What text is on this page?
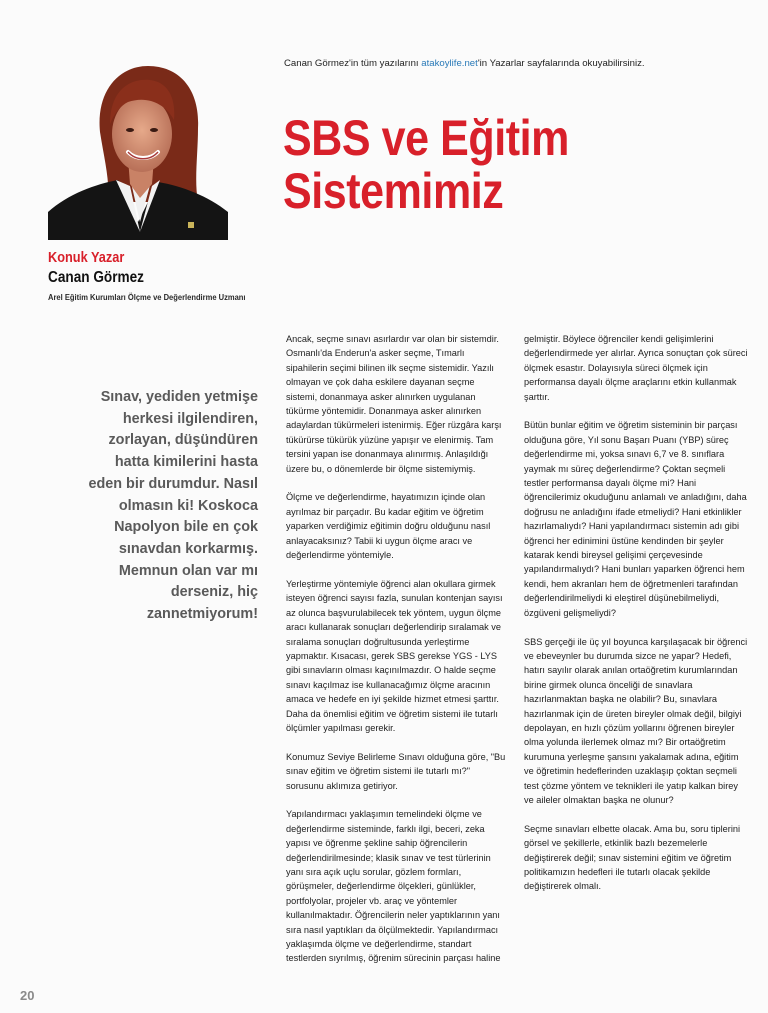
Canan Görmez'in tüm yazılarını atakoylife.net'in Yazarlar sayfalarında okuyabilirsiniz.
SBS ve Eğitim
Sistemimiz
Konuk Yazar
Canan Görmez
Arel Eğitim Kurumları Ölçme ve Değerlendirme Uzmanı
Sınav, yediden yetmişe
herkesi ilgilendiren,
zorlayan, düşündüren
hatta kimilerini hasta
eden bir durumdur. Nasıl
olmasın ki! Koskoca
Napolyon bile en çok
sınavdan korkarmış.
Memnun olan var mı
derseniz, hiç
zannetmiyorum!

Ancak, seçme sınavı asırlardır var olan bir sistemdir. Osmanlı'da Enderun'a asker seçme, Tımarlı sipahilerin seçimi bilinen ilk seçme sistemidir. Yazılı olmayan ve çok daha eskilere dayanan seçme sistemi, donanmaya asker alınırken uygulanan tükürme yöntemidir. Donanmaya asker alınırken adaylardan tükürmeleri istenirmiş. Eğer rüzgâra karşı tükürürse tükürük yüzüne yapışır ve elenirmiş. Tam tersini yapan ise donanmaya alınırmış. Anlaşıldığı üzere bu, o dönemlerde bir ölçme sistemiymiş.

Ölçme ve değerlendirme, hayatımızın içinde olan ayrılmaz bir parçadır. Bu kadar eğitim ve öğretim yaparken verdiğimiz eğitimin doğru olduğunu nasıl anlayacaksınız? Tabii ki uygun ölçme aracı ve değerlendirme yöntemiyle.

Yerleştirme yöntemiyle öğrenci alan okullara girmek isteyen öğrenci sayısı fazla, sunulan kontenjan sayısı az olunca başvurulabilecek tek yöntem, uygun ölçme aracı kullanarak sonuçları değerlendirip sıralamak ve sıralama sonuçları doğrultusunda yerleştirme yapmaktır. Kısacası, gerek SBS gerekse YGS - LYS gibi sınavların olması kaçınılmazdır. O halde seçme sınavı kaçılmaz ise kullanacağımız ölçme aracının amaca ve hedefe en iyi şekilde hizmet etmesi şarttır. Daha da önemlisi eğitim ve öğretim sistemi ile tutarlı ölçümler yapılması gerekir.

Konumuz Seviye Belirleme Sınavı olduğuna göre, "Bu sınav eğitim ve öğretim sistemi ile tutarlı mı?" sorusunu aklımıza getiriyor.

Yapılandırmacı yaklaşımın temelindeki ölçme ve değerlendirme sisteminde, farklı ilgi, beceri, zeka yapısı ve öğrenme şekline sahip öğrencilerin değerlendirilmesinde; klasik sınav ve test türlerinin yanı sıra açık uçlu sorular, gözlem formları, görüşmeler, değerlendirme ölçekleri, günlükler, portfolyolar, projeler vb. araç ve yöntemler kullanılmaktadır. Öğrencilerin neler yaptıklarının yanı sıra nasıl yaptıkları da ölçülmektedir. Yapılandırmacı yaklaşımda ölçme ve değerlendirme, standart testlerden sıyrılmış, öğrenim sürecinin parçası haline

gelmiştir. Böylece öğrenciler kendi gelişimlerini değerlendirmede yer alırlar. Ayrıca sonuçtan çok süreci ölçmek esastır. Dolayısıyla süreci ölçmek için performansa dayalı ölçme araçlarını etkin kullanmak şarttır.

Bütün bunlar eğitim ve öğretim sisteminin bir parçası olduğuna göre, Yıl sonu Başarı Puanı (YBP) süreç değerlendirme mi, yoksa sınavı 6,7 ve 8. sınıflara yaymak mı süreç değerlendirme? Çoktan seçmeli testler performansa dayalı ölçme mi? Hani öğrencilerimiz okuduğunu anlamalı ve anladığını, daha doğrusu ne anladığını ifade etmeliydi? Hani etkinlikler hazırlamalıydı? Hani yapılandırmacı sistemin adı gibi öğrenci her edinimini üstüne kendinden bir şeyler katarak kendi bireysel gelişimi çerçevesinde yapılandırmalıydı? Hani bunları yaparken öğrenci hem kendi, hem akranları hem de öğretmenleri tarafından değerlendirilmeliydi ki eleştirel düşünebilmeliydi, özgüveni gelişmeliydi?

SBS gerçeği ile üç yıl boyunca karşılaşacak bir öğrenci ve ebeveynler bu durumda sizce ne yapar? Hedefi, hatırı sayılır olarak anılan ortaöğretim kurumlarından birine girmek olunca önceliği de sınavlara hazırlanmaktan başka ne olabilir? Bu, sınavlara hazırlanmak için de üreten bireyler olmak değil, bilgiyi depolayan, en hızlı çözüm yollarını öğrenen bireyler olma yolunda ilerlemek olmaz mı? Bir ortaöğretim kurumuna yerleşme şansını yakalamak adına, eğitim ve öğretimin hedeflerinden uzaklaşıp çoktan seçmeli test çözme yöntem ve teknikleri ile yatıp kalkan birey ve aileler olmaktan başka ne olunur?

Seçme sınavları elbette olacak. Ama bu, soru tiplerini görsel ve şekillerle, etkinlik bazlı bezemelerle değiştirerek değil; sınav sistemini eğitim ve öğretim politikamızın hedefleri ile tutarlı olacak şekilde değiştirerek olmalı.

20
